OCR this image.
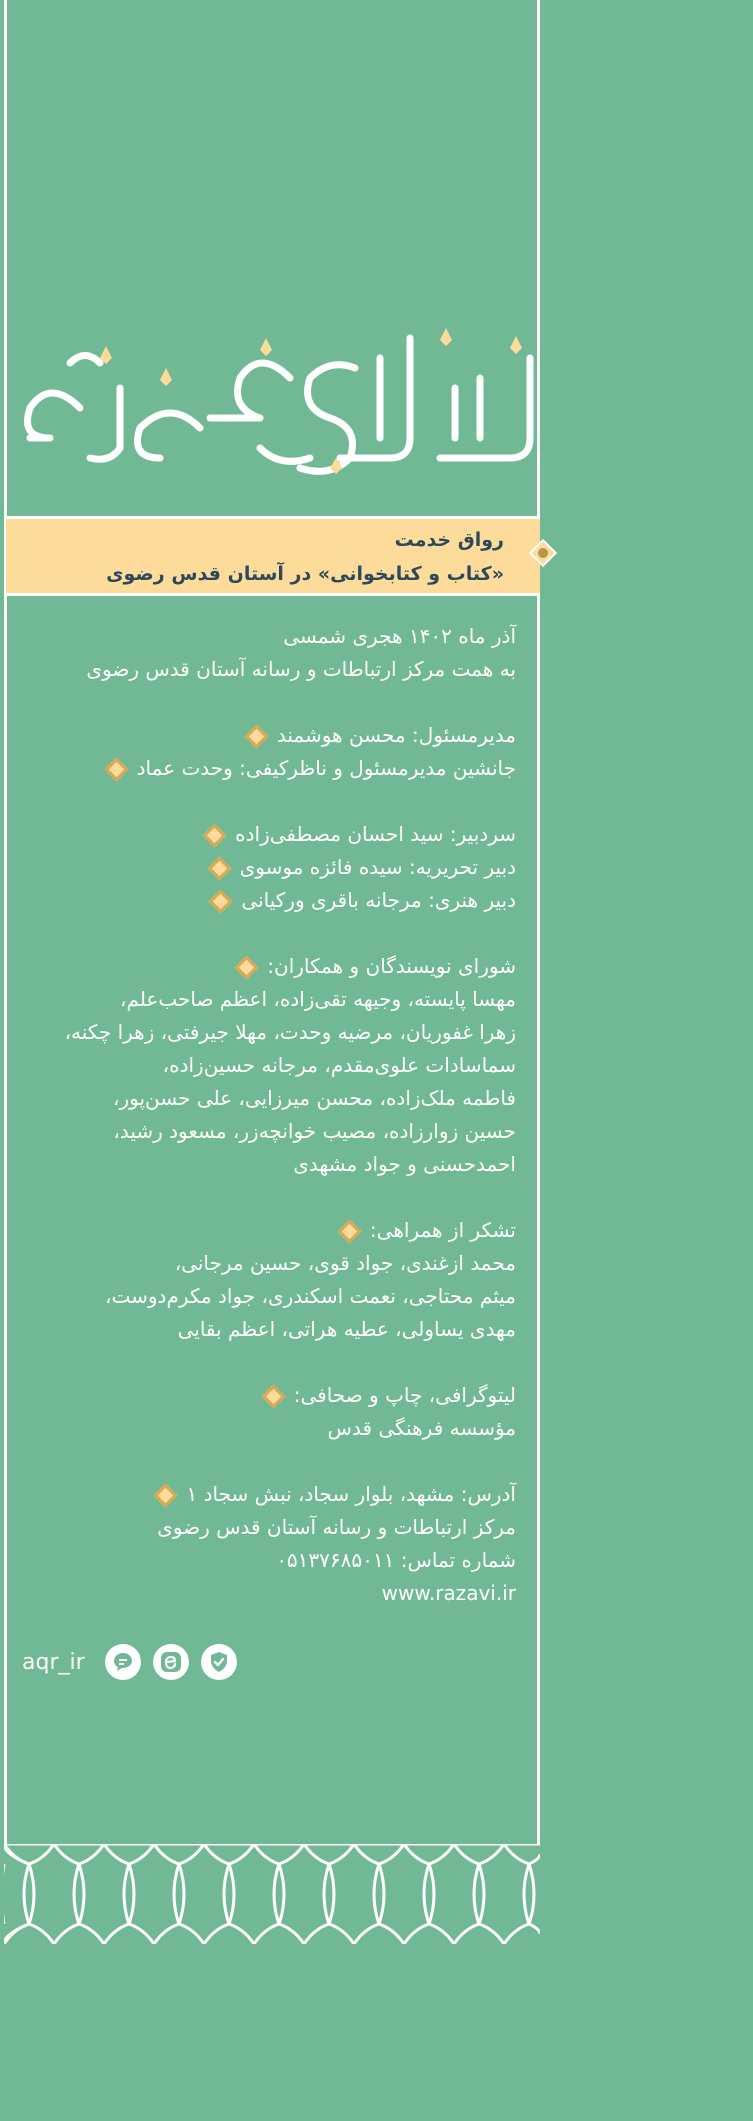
رواق خدمت
«کتاب و کتابخوانی» در آستان قدس رضوی
آذر ماه ۱۴۰۲ هجری شمسی
به همت مرکز ارتباطات و رسانه آستان قدس رضوی
مدیرمسئول: محسن هوشمند
جانشین مدیرمسئول و ناظرکیفی: وحدت عماد
سردبیر: سید احسان مصطفی‌زاده
دبیر تحریریه: سیده فائزه موسوی
دبیر هنری: مرجانه باقری ورکیانی
شورای نویسندگان و همکاران:
مهسا پایسته، وجیهه تقی‌زاده، اعظم صاحب‌علم،
زهرا غفوریان، مرضیه وحدت، مهلا جیرفتی، زهرا چکنه،
سماسادات علوی‌مقدم، مرجانه حسین‌زاده،
فاطمه ملک‌زاده، محسن میرزایی، علی حسن‌پور،
حسین زوارزاده، مصیب خوانچه‌زر، مسعود رشید،
احمدحسنی و جواد مشهدی
تشکر از همراهی:
محمد ازغندی، جواد قوی، حسین مرجانی،
میثم محتاجی، نعمت اسکندری، جواد مکرم‌دوست،
مهدی یساولی، عطیه هراتی، اعظم بقایی
لیتوگرافی، چاپ و صحافی:
مؤسسه فرهنگی قدس
آدرس: مشهد، بلوار سجاد، نبش سجاد ۱
مرکز ارتباطات و رسانه آستان قدس رضوی
شماره تماس: ۰۵۱۳۷۶۸۵۰۱۱
www.razavi.ir
aqr_ir
